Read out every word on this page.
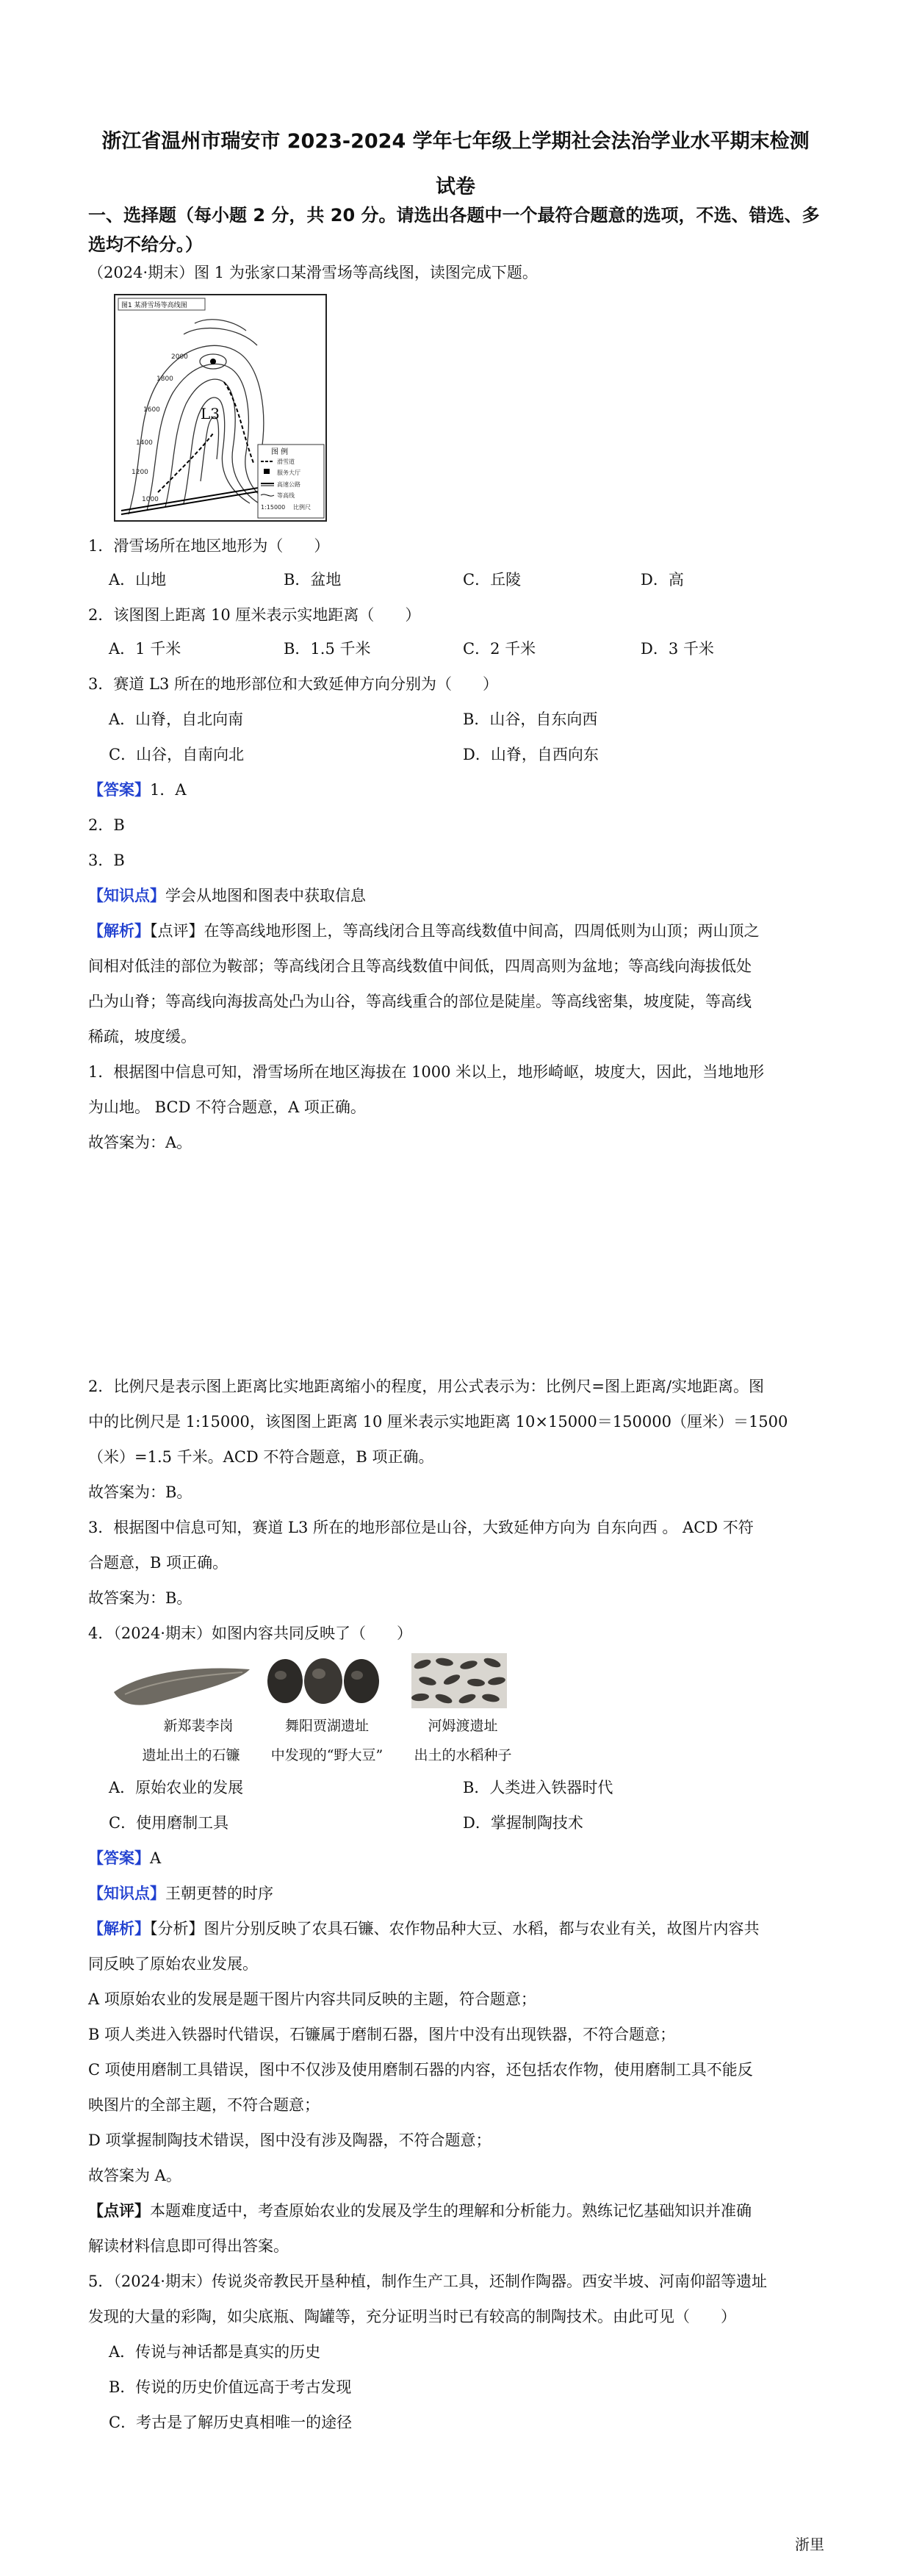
浙江省温州市瑞安市 2023-2024 学年七年级上学期社会法治学业水平期末检测
试卷
一、选择题（每小题 2 分，共 20 分。请选出各题中一个最符合题意的选项，不选、错选、多
选均不给分。）
（2024·期末）图 1 为张家口某滑雪场等高线图，读图完成下题。
图1 某滑雪场等高线图
2000
1800
1600
1400
1200
1000
L3
图 例
滑雪道
服务大厅
高速公路
等高线
1:15000 比例尺
1．滑雪场所在地区地形为（　　）
A．山地	B．盆地	C．丘陵	D．高
2．该图图上距离 10 厘米表示实地距离（　　）
A．1 千米	B．1.5 千米	C．2 千米	D．3 千米
3．赛道 L3 所在的地形部位和大致延伸方向分别为（　　）
A．山脊，自北向南	B．山谷，自东向西
C．山谷，自南向北	D．山脊，自西向东
【答案】1．A
2．B
3．B
【知识点】学会从地图和图表中获取信息
【解析】【点评】在等高线地形图上，等高线闭合且等高线数值中间高，四周低则为山顶；两山顶之
间相对低洼的部位为鞍部；等高线闭合且等高线数值中间低，四周高则为盆地；等高线向海拔低处
凸为山脊；等高线向海拔高处凸为山谷，等高线重合的部位是陡崖。等高线密集，坡度陡，等高线
稀疏，坡度缓。
1．根据图中信息可知，滑雪场所在地区海拔在 1000 米以上，地形崎岖，坡度大，因此，当地地形
为山地。 BCD 不符合题意，A 项正确。
故答案为：A。
2．比例尺是表示图上距离比实地距离缩小的程度，用公式表示为：比例尺=图上距离/实地距离。图
中的比例尺是 1:15000，该图图上距离 10 厘米表示实地距离 10×15000＝150000（厘米）＝1500
（米）=1.5 千米。ACD 不符合题意，B 项正确。
故答案为：B。
3．根据图中信息可知，赛道 L3 所在的地形部位是山谷，大致延伸方向为 自东向西 。 ACD 不符
合题意，B 项正确。
故答案为：B。
4．（2024·期末）如图内容共同反映了（　　）
新郑裴李岗
遗址出土的石镰
舞阳贾湖遗址
中发现的“野大豆”
河姆渡遗址
出土的水稻种子
A．原始农业的发展	B．人类进入铁器时代
C．使用磨制工具	D．掌握制陶技术
【答案】A
【知识点】王朝更替的时序
【解析】【分析】图片分别反映了农具石镰、农作物品种大豆、水稻，都与农业有关，故图片内容共
同反映了原始农业发展。
A 项原始农业的发展是题干图片内容共同反映的主题，符合题意；
B 项人类进入铁器时代错误，石镰属于磨制石器，图片中没有出现铁器，不符合题意；
C 项使用磨制工具错误，图中不仅涉及使用磨制石器的内容，还包括农作物，使用磨制工具不能反
映图片的全部主题，不符合题意；
D 项掌握制陶技术错误，图中没有涉及陶器，不符合题意；
故答案为 A。
【点评】本题难度适中，考查原始农业的发展及学生的理解和分析能力。熟练记忆基础知识并准确
解读材料信息即可得出答案。
5．（2024·期末）传说炎帝教民开垦种植，制作生产工具，还制作陶器。西安半坡、河南仰韶等遗址
发现的大量的彩陶，如尖底瓶、陶罐等，充分证明当时已有较高的制陶技术。由此可见（　　）
A．传说与神话都是真实的历史
B．传说的历史价值远高于考古发现
C．考古是了解历史真相唯一的途径
浙里
